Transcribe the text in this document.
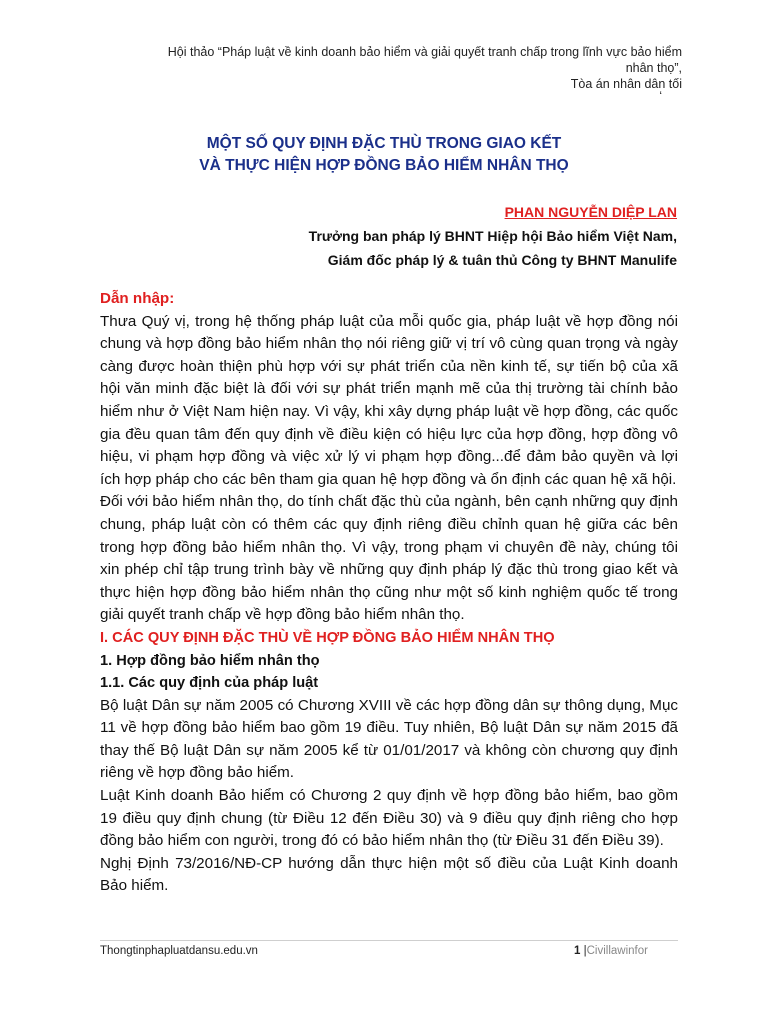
Hội thảo “Pháp luật về kinh doanh bảo hiểm và giải quyết tranh chấp trong lĩnh vực bảo hiểm
nhân thọ”,
Tòa án nhân dân tối
ʻ
MỘT SỐ QUY ĐỊNH ĐẶC THÙ TRONG GIAO KẾT
VÀ THỰC HIỆN HỢP ĐỒNG BẢO HIỂM NHÂN THỌ
PHAN NGUYỄN DIỆP LAN
Trưởng ban pháp lý BHNT Hiệp hội Bảo hiểm Việt Nam,
Giám đốc pháp lý & tuân thủ Công ty BHNT Manulife

Dẫn nhập:

Thưa Quý vị, trong hệ thống pháp luật của mỗi quốc gia, pháp luật về hợp đồng nói chung và hợp đồng bảo hiểm nhân thọ nói riêng giữ vị trí vô cùng quan trọng và ngày càng được hoàn thiện phù hợp với sự phát triển của nền kinh tế, sự tiến bộ của xã hội văn minh đặc biệt là đối với sự phát triển mạnh mẽ của thị trường tài chính bảo hiểm như ở Việt Nam hiện nay. Vì vậy, khi xây dựng pháp luật về hợp đồng, các quốc gia đều quan tâm đến quy định về điều kiện có hiệu lực của hợp đồng, hợp đồng vô hiệu, vi phạm hợp đồng và việc xử lý vi phạm hợp đồng...để đảm bảo quyền và lợi ích hợp pháp cho các bên tham gia quan hệ hợp đồng và ổn định các quan hệ xã hội.

Đối với bảo hiểm nhân thọ, do tính chất đặc thù của ngành, bên cạnh những quy định chung, pháp luật còn có thêm các quy định riêng điều chỉnh quan hệ giữa các bên trong hợp đồng bảo hiểm nhân thọ. Vì vậy, trong phạm vi chuyên đề này, chúng tôi xin phép chỉ tập trung trình bày về những quy định pháp lý đặc thù trong giao kết và thực hiện hợp đồng bảo hiểm nhân thọ cũng như một số kinh nghiệm quốc tế trong giải quyết tranh chấp về hợp đồng bảo hiểm nhân thọ.

I. CÁC QUY ĐỊNH ĐẶC THÙ VỀ HỢP ĐỒNG BẢO HIỂM NHÂN THỌ

1. Hợp đồng bảo hiểm nhân thọ

1.1. Các quy định của pháp luật

Bộ luật Dân sự năm 2005 có Chương XVIII về các hợp đồng dân sự thông dụng, Mục 11 về hợp đồng bảo hiểm bao gồm 19 điều. Tuy nhiên, Bộ luật Dân sự năm 2015 đã thay thế Bộ luật Dân sự năm 2005 kể từ 01/01/2017 và không còn chương quy định riêng về hợp đồng bảo hiểm.

Luật Kinh doanh Bảo hiểm có Chương 2 quy định về hợp đồng bảo hiểm, bao gồm 19 điều quy định chung (từ Điều 12 đến Điều 30) và 9 điều quy định riêng cho hợp đồng bảo hiểm con người, trong đó có bảo hiểm nhân thọ (từ Điều 31 đến Điều 39).

Nghị Định 73/2016/NĐ-CP hướng dẫn thực hiện một số điều của Luật Kinh doanh Bảo hiểm.

Thongtinphapluatdansu.edu.vn	1 |Civillawinfor
